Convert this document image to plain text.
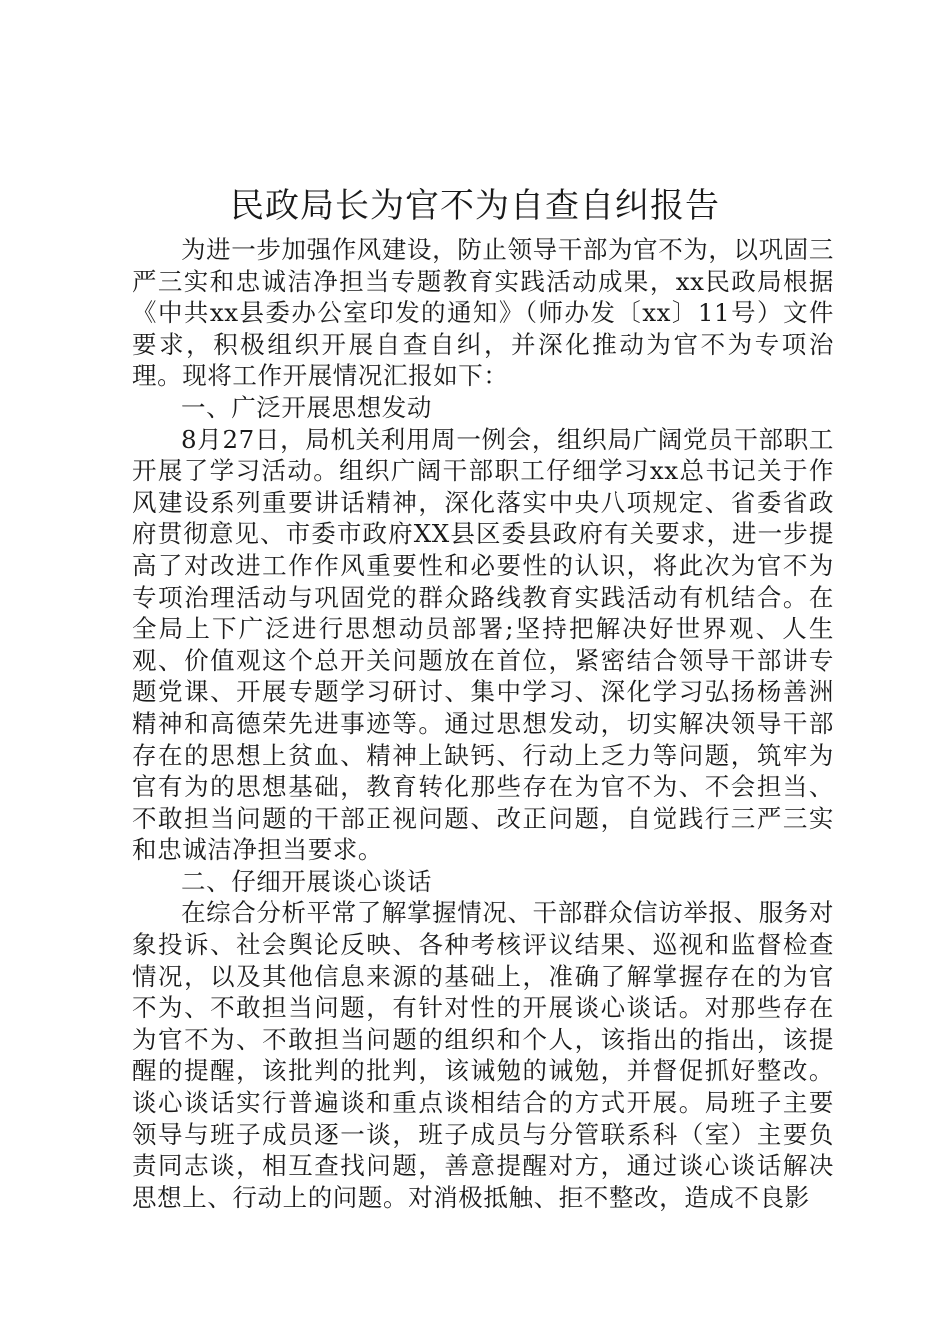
民政局长为官不为自查自纠报告

为进一步加强作风建设，防止领导干部为官不为，以巩固三严三实和忠诚洁净担当专题教育实践活动成果，xx民政局根据《中共xx县委办公室印发的通知》（师办发〔xx〕11号）文件要求，积极组织开展自查自纠，并深化推动为官不为专项治理。现将工作开展情况汇报如下：

一、广泛开展思想发动

8月27日，局机关利用周一例会，组织局广阔党员干部职工开展了学习活动。组织广阔干部职工仔细学习xx总书记关于作风建设系列重要讲话精神，深化落实中央八项规定、省委省政府贯彻意见、市委市政府XX县区委县政府有关要求，进一步提高了对改进工作作风重要性和必要性的认识，将此次为官不为专项治理活动与巩固党的群众路线教育实践活动有机结合。在全局上下广泛进行思想动员部署;坚持把解决好世界观、人生观、价值观这个总开关问题放在首位，紧密结合领导干部讲专题党课、开展专题学习研讨、集中学习、深化学习弘扬杨善洲精神和高德荣先进事迹等。通过思想发动，切实解决领导干部存在的思想上贫血、精神上缺钙、行动上乏力等问题，筑牢为官有为的思想基础，教育转化那些存在为官不为、不会担当、不敢担当问题的干部正视问题、改正问题，自觉践行三严三实和忠诚洁净担当要求。

二、仔细开展谈心谈话

在综合分析平常了解掌握情况、干部群众信访举报、服务对象投诉、社会舆论反映、各种考核评议结果、巡视和监督检查情况，以及其他信息来源的基础上，准确了解掌握存在的为官不为、不敢担当问题，有针对性的开展谈心谈话。对那些存在为官不为、不敢担当问题的组织和个人，该指出的指出，该提醒的提醒，该批判的批判，该诫勉的诫勉，并督促抓好整改。谈心谈话实行普遍谈和重点谈相结合的方式开展。局班子主要领导与班子成员逐一谈，班子成员与分管联系科（室）主要负责同志谈，相互查找问题，善意提醒对方，通过谈心谈话解决思想上、行动上的问题。对消极抵触、拒不整改，造成不良影
